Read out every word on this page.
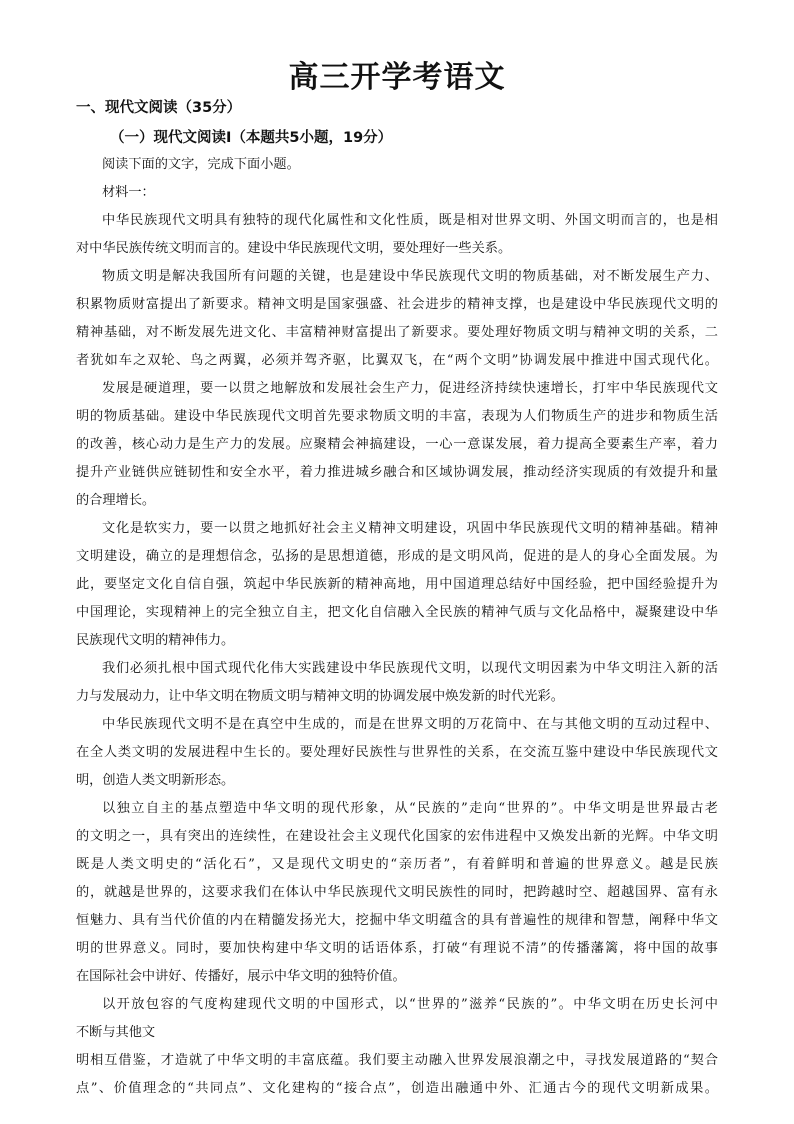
高三开学考语文
一、现代文阅读（35分）
（一）现代文阅读Ⅰ（本题共5小题，19分）
阅读下面的文字，完成下面小题。
材料一：
中华民族现代文明具有独特的现代化属性和文化性质，既是相对世界文明、外国文明而言的，也是相
对中华民族传统文明而言的。建设中华民族现代文明，要处理好一些关系。
物质文明是解决我国所有问题的关键，也是建设中华民族现代文明的物质基础，对不断发展生产力、
积累物质财富提出了新要求。精神文明是国家强盛、社会进步的精神支撑，也是建设中华民族现代文明的
精神基础，对不断发展先进文化、丰富精神财富提出了新要求。要处理好物质文明与精神文明的关系，二
者犹如车之双轮、鸟之两翼，必须并驾齐驱，比翼双飞，在“两个文明”协调发展中推进中国式现代化。
发展是硬道理，要一以贯之地解放和发展社会生产力，促进经济持续快速增长，打牢中华民族现代文
明的物质基础。建设中华民族现代文明首先要求物质文明的丰富，表现为人们物质生产的进步和物质生活
的改善，核心动力是生产力的发展。应聚精会神搞建设，一心一意谋发展，着力提高全要素生产率，着力
提升产业链供应链韧性和安全水平，着力推进城乡融合和区域协调发展，推动经济实现质的有效提升和量
的合理增长。
文化是软实力，要一以贯之地抓好社会主义精神文明建设，巩固中华民族现代文明的精神基础。精神
文明建设，确立的是理想信念，弘扬的是思想道德，形成的是文明风尚，促进的是人的身心全面发展。为
此，要坚定文化自信自强，筑起中华民族新的精神高地，用中国道理总结好中国经验，把中国经验提升为
中国理论，实现精神上的完全独立自主，把文化自信融入全民族的精神气质与文化品格中，凝聚建设中华
民族现代文明的精神伟力。
我们必须扎根中国式现代化伟大实践建设中华民族现代文明，以现代文明因素为中华文明注入新的活
力与发展动力，让中华文明在物质文明与精神文明的协调发展中焕发新的时代光彩。
中华民族现代文明不是在真空中生成的，而是在世界文明的万花筒中、在与其他文明的互动过程中、
在全人类文明的发展进程中生长的。要处理好民族性与世界性的关系，在交流互鉴中建设中华民族现代文
明，创造人类文明新形态。
以独立自主的基点塑造中华文明的现代形象，从“民族的”走向“世界的”。中华文明是世界最古老
的文明之一，具有突出的连续性，在建设社会主义现代化国家的宏伟进程中又焕发出新的光辉。中华文明
既是人类文明史的“活化石”，又是现代文明史的“亲历者”，有着鲜明和普遍的世界意义。越是民族
的，就越是世界的，这要求我们在体认中华民族现代文明民族性的同时，把跨越时空、超越国界、富有永
恒魅力、具有当代价值的内在精髓发扬光大，挖掘中华文明蕴含的具有普遍性的规律和智慧，阐释中华文
明的世界意义。同时，要加快构建中华文明的话语体系，打破“有理说不清”的传播藩篱，将中国的故事
在国际社会中讲好、传播好，展示中华文明的独特价值。
以开放包容的气度构建现代文明的中国形式，以“世界的”滋养“民族的”。中华文明在历史长河中
不断与其他文
明相互借鉴，才造就了中华文明的丰富底蕴。我们要主动融入世界发展浪潮之中，寻找发展道路的“契合
点”、价值理念的“共同点”、文化建构的“接合点”，创造出融通中外、汇通古今的现代文明新成果。
